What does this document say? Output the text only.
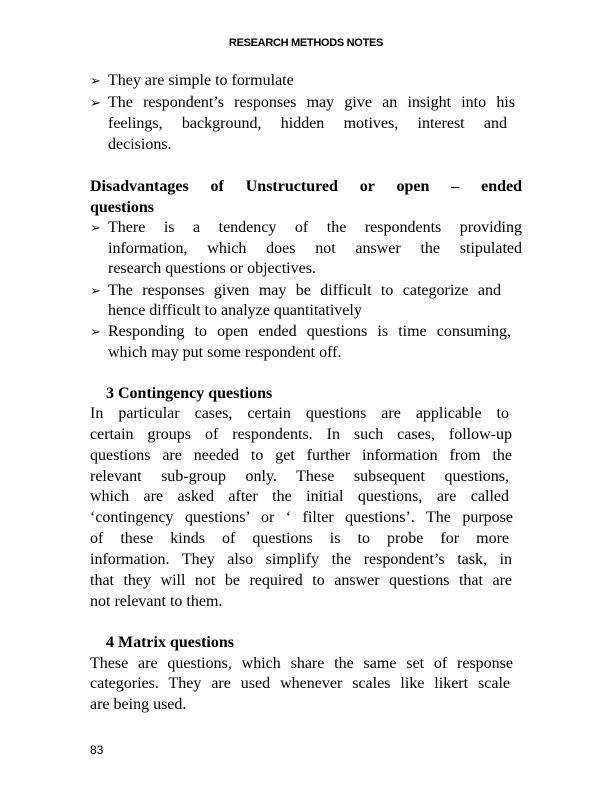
RESEARCH METHODS NOTES
➢ They are simple to formulate
➢ The respondent’s responses may give an insight into his
feelings, background, hidden motives, interest and
decisions.
Disadvantages of Unstructured or open – ended
questions
➢ There is a tendency of the respondents providing
information, which does not answer the stipulated
research questions or objectives.
➢ The responses given may be difficult to categorize and
hence difficult to analyze quantitatively
➢ Responding to open ended questions is time consuming,
which may put some respondent off.
3 Contingency questions
In particular cases, certain questions are applicable to
certain groups of respondents. In such cases, follow-up
questions are needed to get further information from the
relevant sub-group only. These subsequent questions,
which are asked after the initial questions, are called
‘contingency questions’ or ‘ filter questions’. The purpose
of these kinds of questions is to probe for more
information. They also simplify the respondent’s task, in
that they will not be required to answer questions that are
not relevant to them.
4 Matrix questions
These are questions, which share the same set of response
categories. They are used whenever scales like likert scale
are being used.
83
